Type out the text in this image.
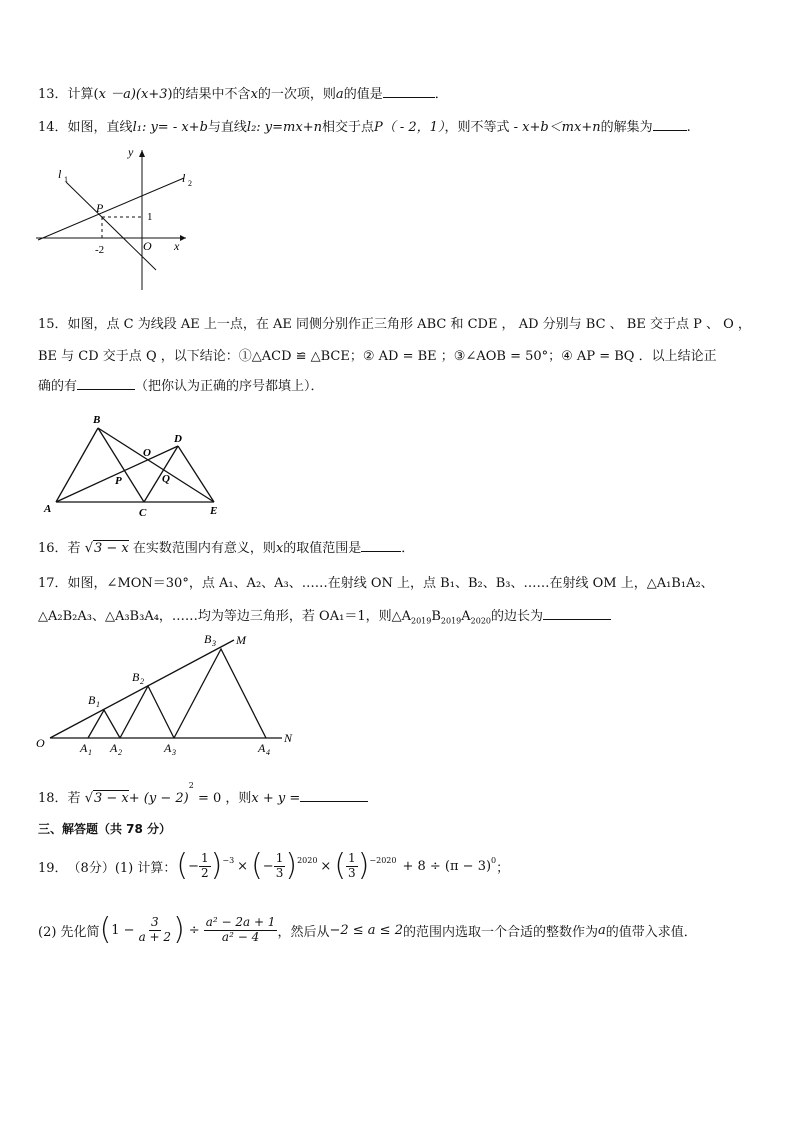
13．计算(x －a)(x+3)的结果中不含x的一次项，则a的值是	．
14．如图，直线l₁: y= - x+b与直线l₂: y=mx+n相交于点P（ - 2，1），则不等式 - x+b＜mx+n的解集为	.
y
x
l 1	l 2
P
O
1
-2
15．如图，点 C 为线段 AE 上一点，在 AE 同侧分别作正三角形 ABC 和 CDE ， AD 分别与 BC 、 BE 交于点 P 、 O ，
BE 与 CD 交于点 Q ，以下结论：①△ACD ≌ △BCE；② AD = BE ；③∠AOB = 50°；④ AP = BQ ．以上结论正
确的有	（把你认为正确的序号都填上）．
A
B
C
D
E
O
P	Q
16．若 √3 − x 在实数范围内有意义，则x的取值范围是	．
17．如图，∠MON＝30°，点 A₁、A₂、A₃、……在射线 ON 上，点 B₁、B₂、B₃、……在射线 OM 上，△A₁B₁A₂、
△A₂B₂A₃、△A₃B₃A₄，……均为等边三角形，若 OA₁＝1，则$\triangle A_{2019}B_{2019}A_{2020}$的边长为
O
M
N
A 1 A 2	A 3	A 4
B 1
B 2
B 3
18．若 $√3 - x+ (y - 2)^2 = 0$ ，则x + y =
三、解答题（共 78 分）
19． （8分） (1) 计算： ( − $\frac{1}{2}$ ) −3 × ( − $\frac{1}{3}$ ) 2020 × ( $\frac{1}{3}$ ) −2020 + 8 ÷ (π − 3) 0
；
(2) 先化简 ( $1 - \frac{3}{a + 2}$ ) ÷ $\frac{\text{a² − 2a + 1}}{\text{a² − 4}}$ ，然后从 −2 ≤ a ≤ 2 的范围内选取一个合适的整数作为 a 的值带入求值．
